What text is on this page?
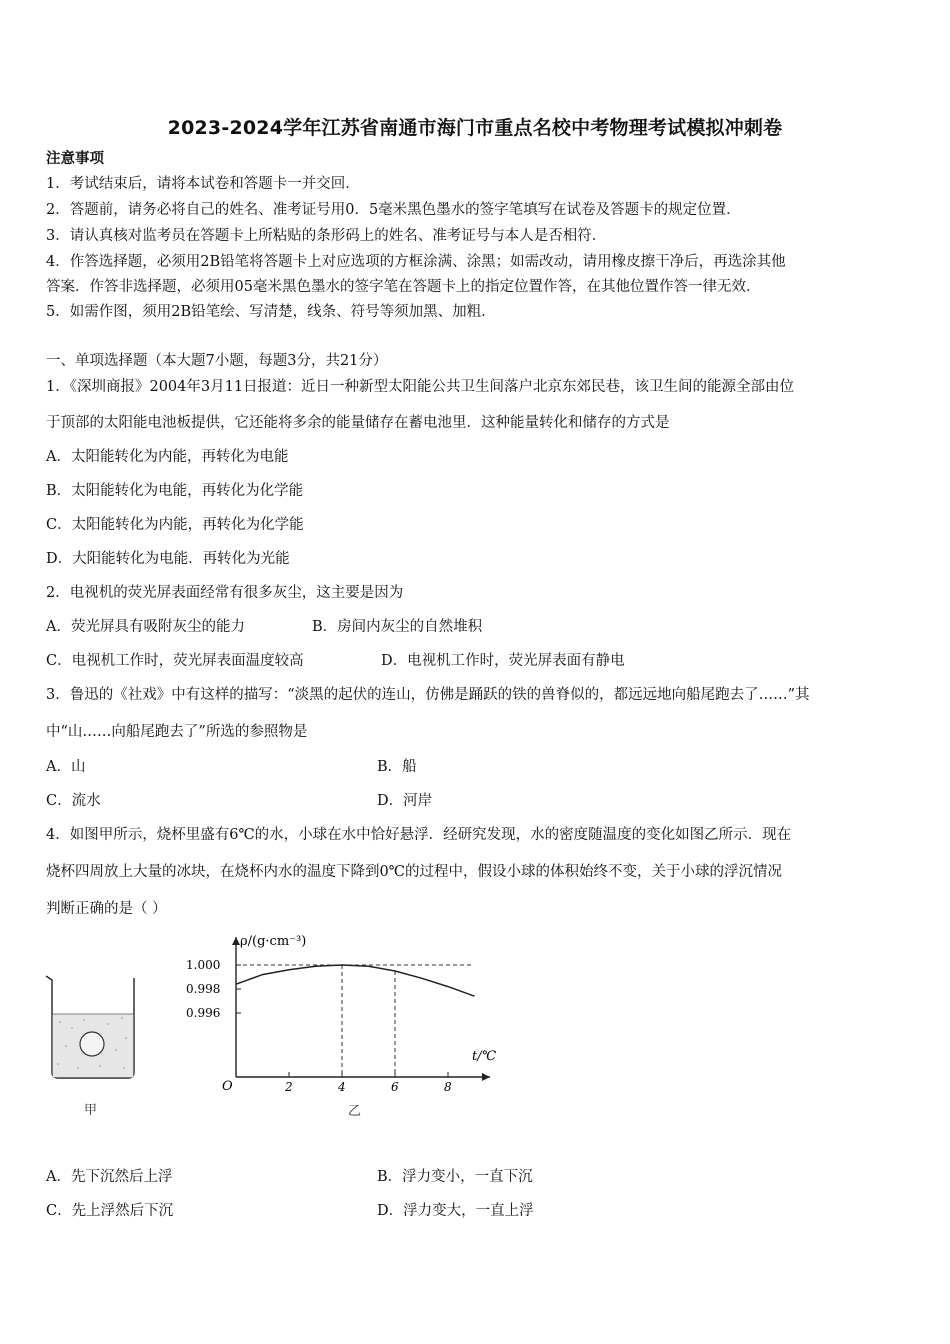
2023-2024学年江苏省南通市海门市重点名校中考物理考试模拟冲刺卷
注意事项
1．考试结束后，请将本试卷和答题卡一并交回．
2．答题前，请务必将自己的姓名、准考证号用0．5毫米黑色墨水的签字笔填写在试卷及答题卡的规定位置．
3．请认真核对监考员在答题卡上所粘贴的条形码上的姓名、准考证号与本人是否相符．
4．作答选择题，必须用2B铅笔将答题卡上对应选项的方框涂满、涂黑；如需改动，请用橡皮擦干净后，再选涂其他
答案．作答非选择题，必须用05毫米黑色墨水的签字笔在答题卡上的指定位置作答，在其他位置作答一律无效．
5．如需作图，须用2B铅笔绘、写清楚，线条、符号等须加黑、加粗．
一、单项选择题（本大题7小题，每题3分，共21分）
1．《深圳商报》2004年3月11日报道：近日一种新型太阳能公共卫生间落户北京东郊民巷，该卫生间的能源全部由位
于顶部的太阳能电池板提供，它还能将多余的能量储存在蓄电池里．这种能量转化和储存的方式是
A．太阳能转化为内能，再转化为电能
B．太阳能转化为电能，再转化为化学能
C．太阳能转化为内能，再转化为化学能
D．大阳能转化为电能．再转化为光能
2．电视机的荧光屏表面经常有很多灰尘，这主要是因为
A．荧光屏具有吸附灰尘的能力	B．房间内灰尘的自然堆积
C．电视机工作时，荧光屏表面温度较高	D．电视机工作时，荧光屏表面有静电
3．鲁迅的《社戏》中有这样的描写：“淡黑的起伏的连山，仿佛是踊跃的铁的兽脊似的，都远远地向船尾跑去了……”其
中“山……向船尾跑去了”所选的参照物是
A．山	B．船
C．流水	D．河岸
4．如图甲所示，烧杯里盛有6℃的水，小球在水中恰好悬浮．经研究发现，水的密度随温度的变化如图乙所示．现在
烧杯四周放上大量的冰块，在烧杯内水的温度下降到0℃的过程中，假设小球的体积始终不变，关于小球的浮沉情况
判断正确的是（ ）
甲
2	4	6	8
1.000
0.998
0.996
ρ/(g·cm⁻³)
t/℃
O
乙
A．先下沉然后上浮	B．浮力变小，一直下沉
C．先上浮然后下沉	D．浮力变大，一直上浮
